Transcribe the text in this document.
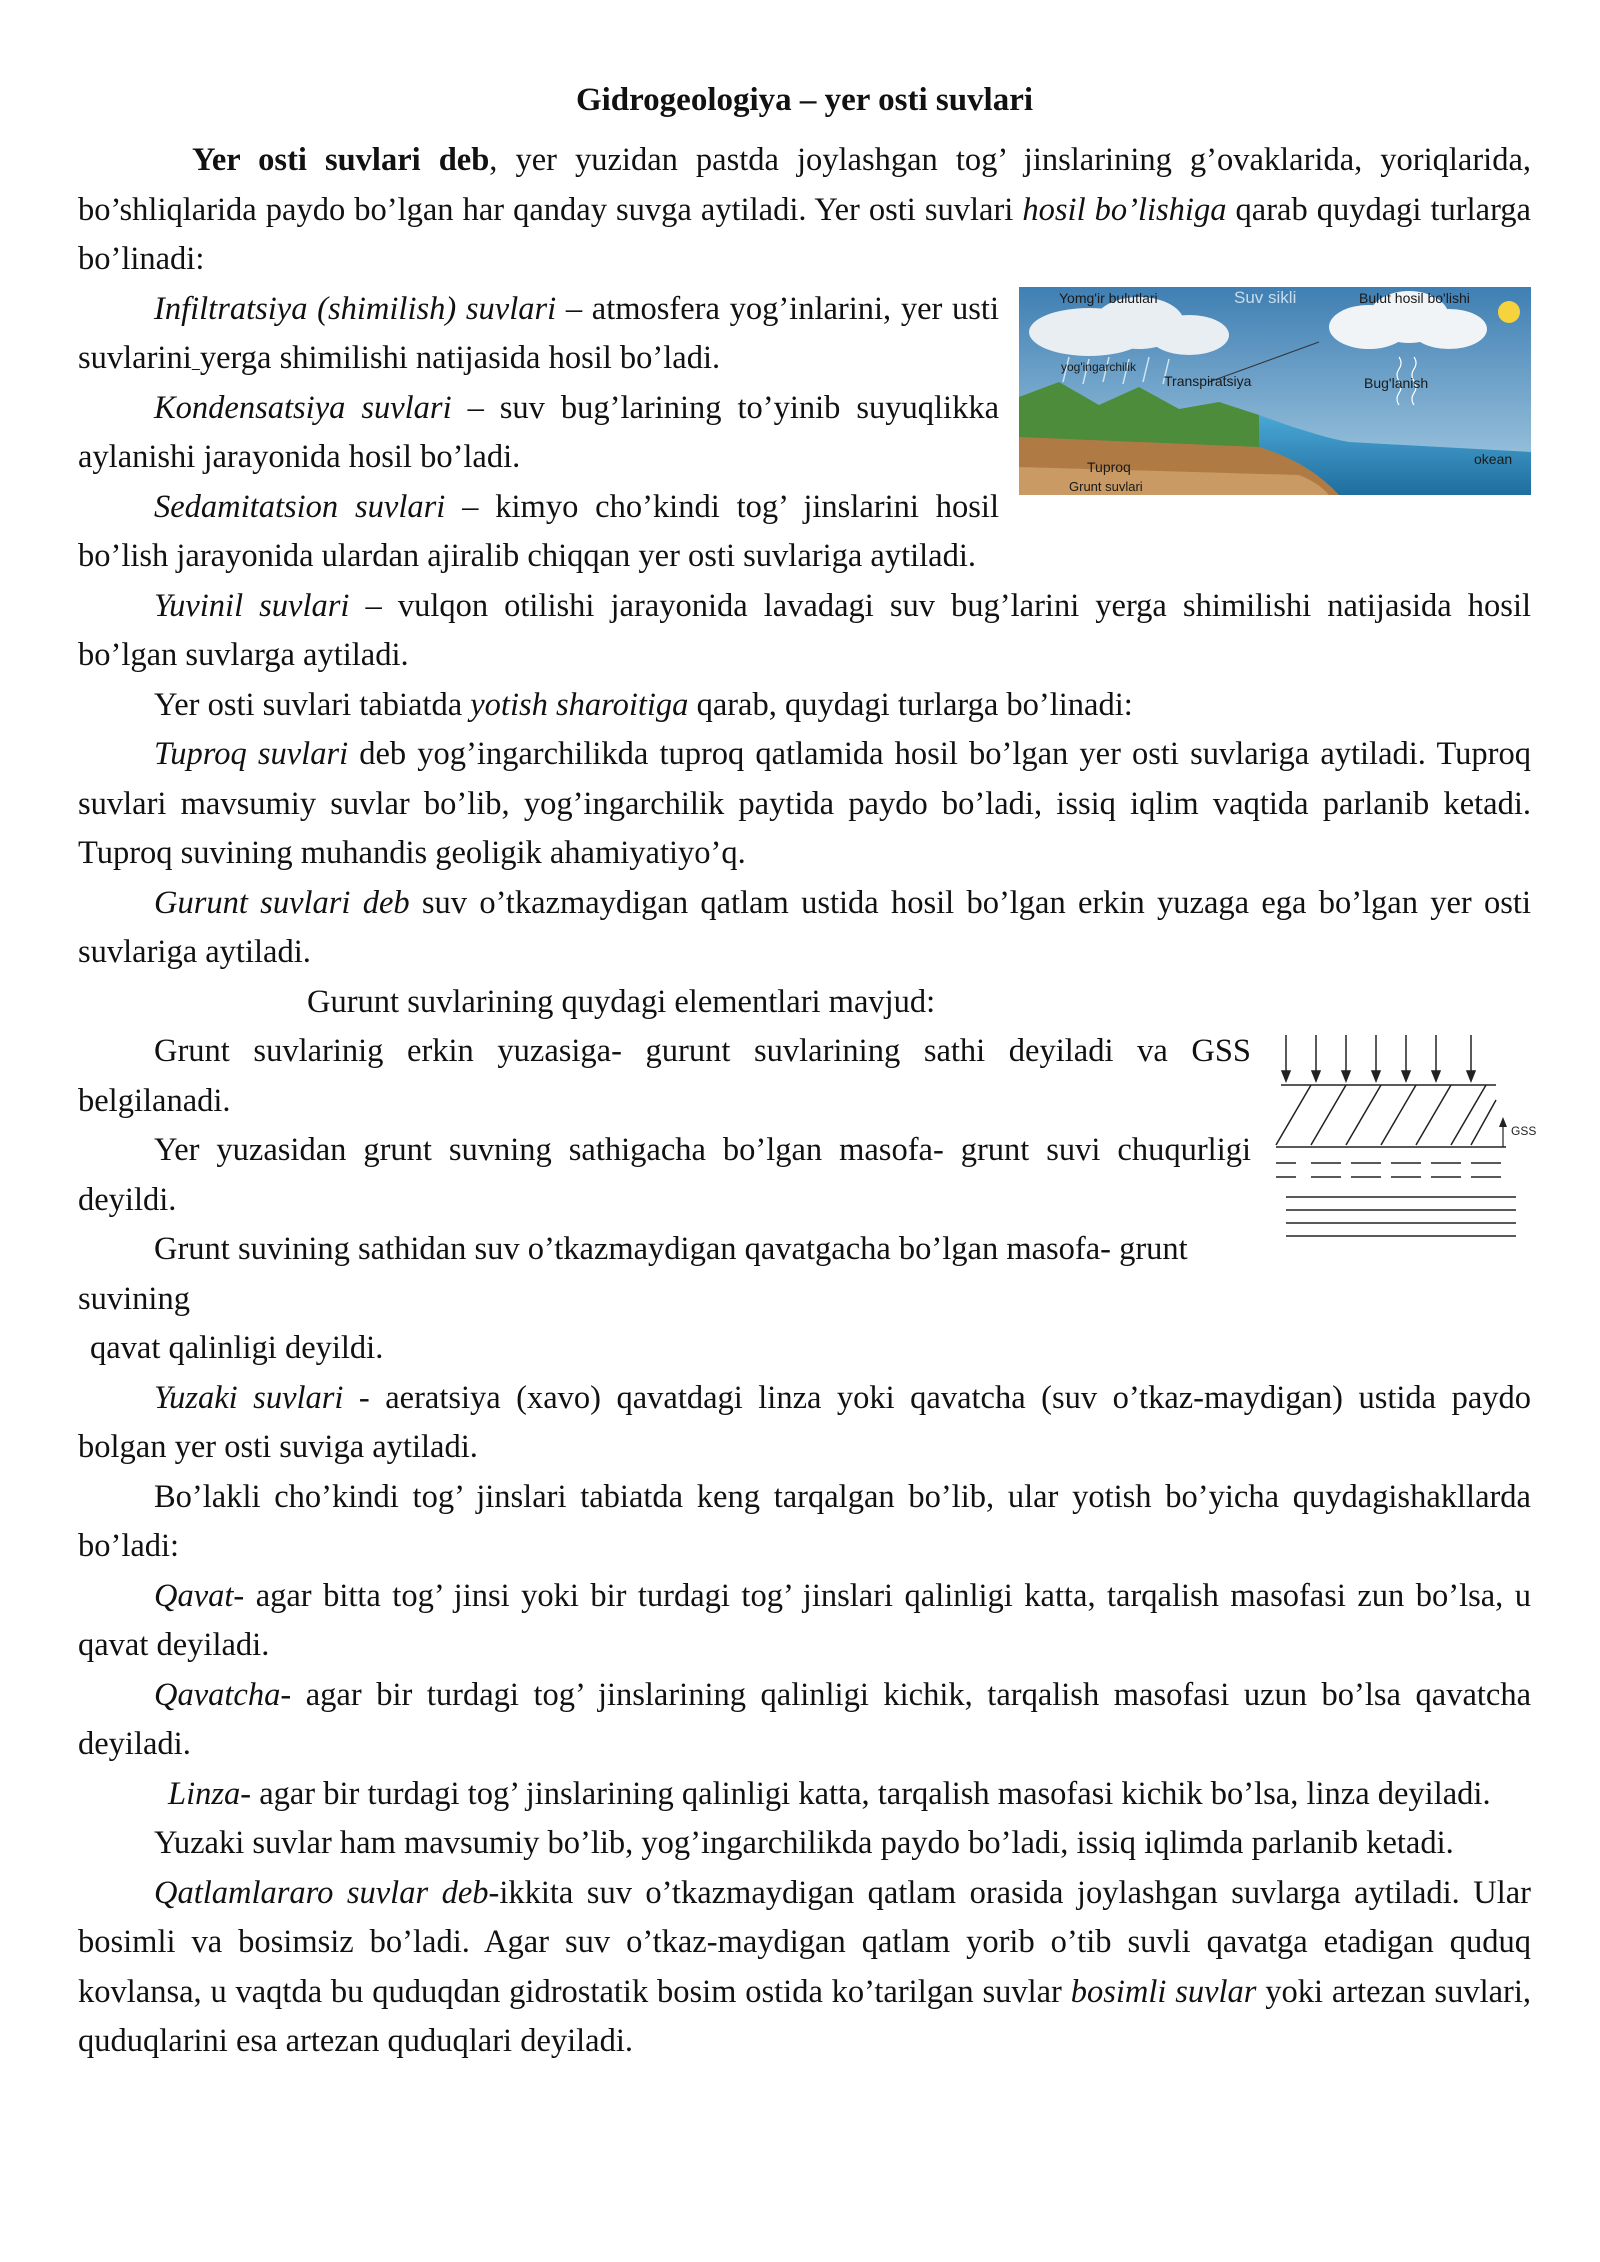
Gidrogeologiya – yer osti suvlari

Yer osti suvlari deb, yer yuzidan pastda joylashgan tog’ jinslarining g’ovaklarida, yoriqlarida, bo’shliqlarida paydo bo’lgan har qanday suvga aytiladi. Yer osti suvlari hosil bo’lishiga qarab quydagi turlarga bo’linadi:

Yomg'ir bulutlari	Suv sikli	Bulut hosil bo'lishi
yog'ingarchilik
Transpiratsiya	Bug'lanish
okean
Tuproq
Grunt suvlari

Infiltratsiya (shimilish) suvlari – atmosfera yog’inlarini, yer usti suvlarini yerga shimilishi natijasida hosil bo’ladi.

Kondensatsiya suvlari – suv bug’larining to’yinib suyuqlikka aylanishi jarayonida hosil bo’ladi.

Sedamitatsion suvlari – kimyo cho’kindi tog’ jinslarini hosil bo’lish jarayonida ulardan ajiralib chiqqan yer osti suvlariga aytiladi.

Yuvinil suvlari – vulqon otilishi jarayonida lavadagi suv bug’larini yerga shimilishi natijasida hosil bo’lgan suvlarga aytiladi.

Yer osti suvlari tabiatda yotish sharoitiga qarab, quydagi turlarga bo’linadi:

Tuproq suvlari deb yog’ingarchilikda tuproq qatlamida hosil bo’lgan yer osti suvlariga aytiladi. Tuproq suvlari mavsumiy suvlar bo’lib, yog’ingarchilik paytida paydo bo’ladi, issiq iqlim vaqtida parlanib ketadi. Tuproq suvining muhandis geoligik ahamiyatiyo’q.

Gurunt suvlari deb suv o’tkazmaydigan qatlam ustida hosil bo’lgan erkin yuzaga ega bo’lgan yer osti suvlariga aytiladi.

Gurunt suvlarining quydagi elementlari mavjud:

GSS

Grunt suvlarinig erkin yuzasiga- gurunt suvlarining sathi deyiladi va GSS belgilanadi.

Yer yuzasidan grunt suvning sathigacha bo’lgan masofa- grunt suvi chuqurligi deyildi.

Grunt suvining sathidan suv o’tkazmaydigan qavatgacha bo’lgan masofa- grunt suvining
qavat qalinligi deyildi.

Yuzaki suvlari - aeratsiya (xavo) qavatdagi linza yoki qavatcha (suv o’tkaz-maydigan) ustida paydo bolgan yer osti suviga aytiladi.

Bo’lakli cho’kindi tog’ jinslari tabiatda keng tarqalgan bo’lib, ular yotish bo’yicha quydagishakllarda bo’ladi:

Qavat- agar bitta tog’ jinsi yoki bir turdagi tog’ jinslari qalinligi katta, tarqalish masofasi zun bo’lsa, u qavat deyiladi.

Qavatcha- agar bir turdagi tog’ jinslarining qalinligi kichik, tarqalish masofasi uzun bo’lsa qavatcha deyiladi.

Linza- agar bir turdagi tog’ jinslarining qalinligi katta, tarqalish masofasi kichik bo’lsa, linza deyiladi.

Yuzaki suvlar ham mavsumiy bo’lib, yog’ingarchilikda paydo bo’ladi, issiq iqlimda parlanib ketadi.

Qatlamlararo suvlar deb-ikkita suv o’tkazmaydigan qatlam orasida joylashgan suvlarga aytiladi. Ular bosimli va bosimsiz bo’ladi. Agar suv o’tkaz-maydigan qatlam yorib o’tib suvli qavatga etadigan quduq kovlansa, u vaqtda bu quduqdan gidrostatik bosim ostida ko’tarilgan suvlar bosimli suvlar yoki artezan suvlari, quduqlarini esa artezan quduqlari deyiladi.
